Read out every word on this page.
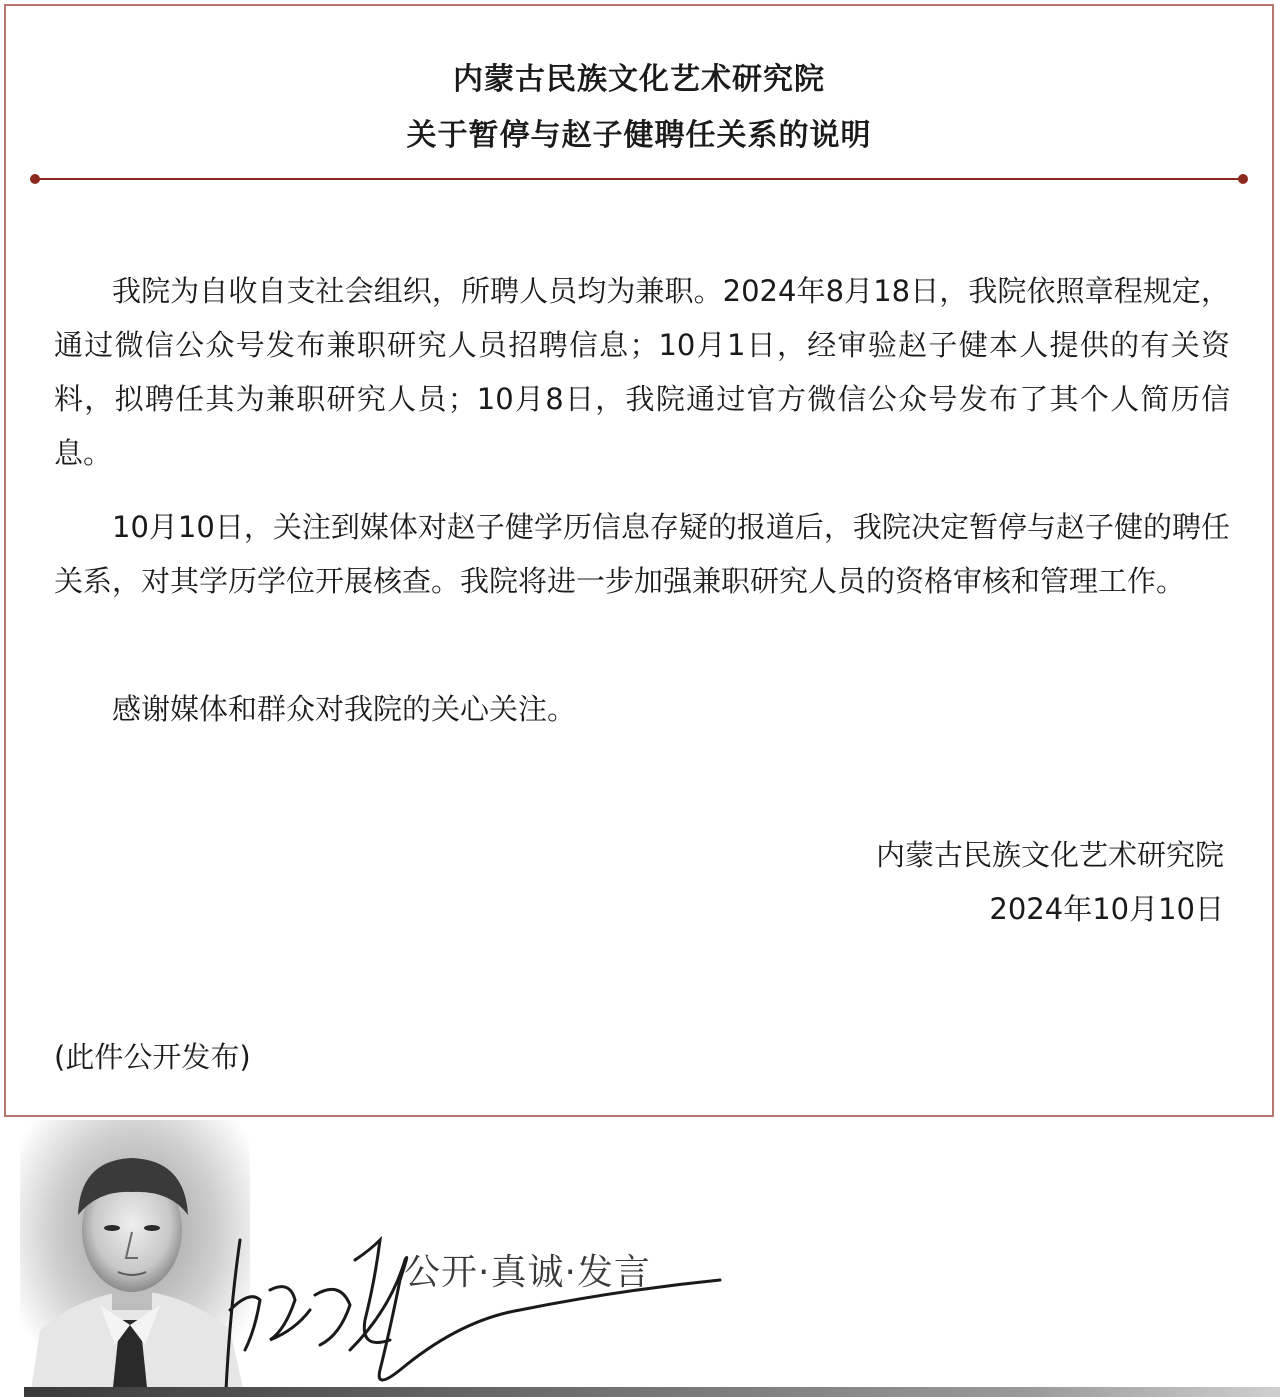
内蒙古民族文化艺术研究院
关于暂停与赵子健聘任关系的说明

我院为自收自支社会组织，所聘人员均为兼职。2024年8月18日，我院依照章程规定，通过微信公众号发布兼职研究人员招聘信息；10月1日，经审验赵子健本人提供的有关资料，拟聘任其为兼职研究人员；10月8日，我院通过官方微信公众号发布了其个人简历信息。

10月10日，关注到媒体对赵子健学历信息存疑的报道后，我院决定暂停与赵子健的聘任关系，对其学历学位开展核查。我院将进一步加强兼职研究人员的资格审核和管理工作。

感谢媒体和群众对我院的关心关注。

内蒙古民族文化艺术研究院
2024年10月10日
(此件公开发布)
公开·真诚·发言
